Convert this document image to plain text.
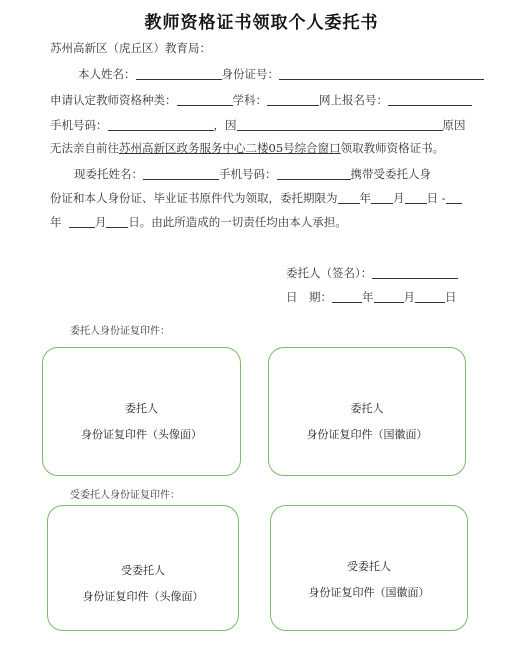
教师资格证书领取个人委托书
苏州高新区（虎丘区）教育局：
本人姓名：	身份证号：
申请认定教师资格种类：	学科：	网上报名号：
手机号码：	，因	原因
无法亲自前往苏州高新区政务服务中心二楼05号综合窗口领取教师资格证书。
现委托姓名：	手机号码：	携带受委托人身
份证和本人身份证、毕业证书原件代为领取，委托期限为 年 月 日 -
年	月 日。由此所造成的一切责任均由本人承担。
委托人（签名）：
日　期：	年	月	日
委托人身份证复印件：
委托人
身份证复印件（头像面）
委托人
身份证复印件（国徽面）
受委托人身份证复印件：
受委托人
身份证复印件（头像面）
受委托人
身份证复印件（国徽面）
